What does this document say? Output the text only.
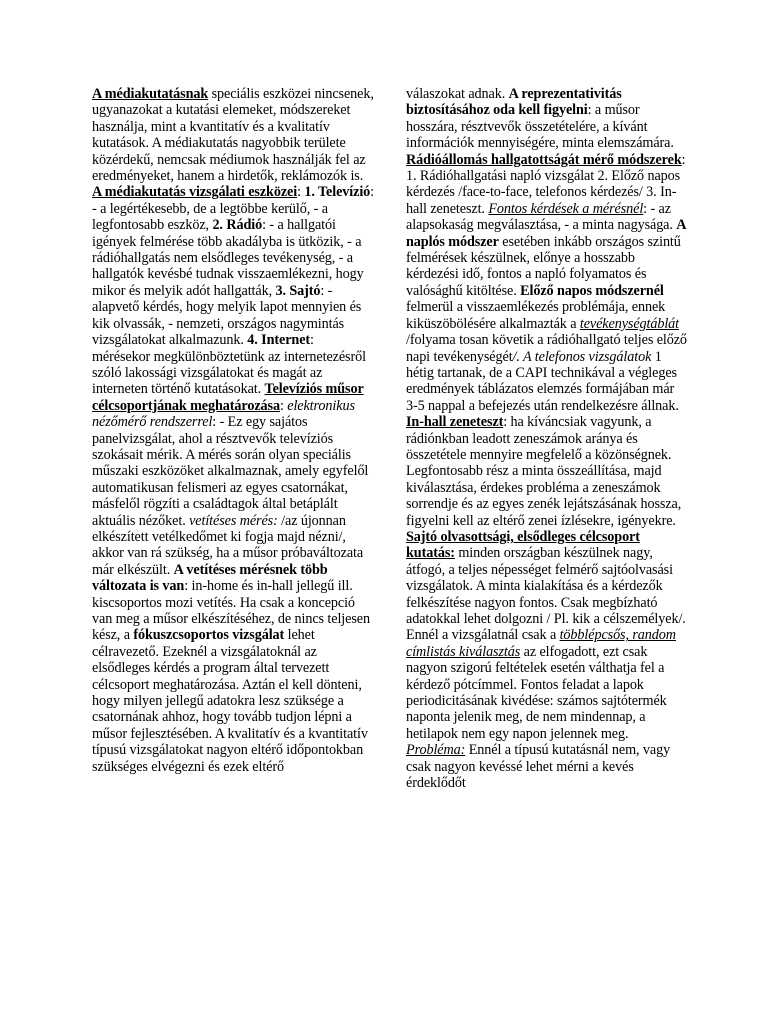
A médiakutatásnak speciális eszközei nincsenek, ugyanazokat a kutatási elemeket, módszereket használja, mint a kvantitatív és a kvalitatív kutatások. A médiakutatás nagyobbik területe közérdekű, nemcsak médiumok használják fel az eredményeket, hanem a hirdetők, reklámozók is. A médiakutatás vizsgálati eszközei: 1. Televízió: - a legértékesebb, de a legtöbbe kerülő, - a legfontosabb eszköz, 2. Rádió: - a hallgatói igények felmérése több akadályba is ütközik, - a rádióhallgatás nem elsődleges tevékenység, - a hallgatók kevésbé tudnak visszaemlékezni, hogy mikor és melyik adót hallgatták, 3. Sajtó: - alapvető kérdés, hogy melyik lapot mennyien és kik olvassák, - nemzeti, országos nagymintás vizsgálatokat alkalmazunk. 4. Internet: mérésekor megkülönböztetünk az internetezésről szóló lakossági vizsgálatokat és magát az interneten történő kutatásokat. Televíziós műsor célcsoportjának meghatározása: elektronikus nézőmérő rendszerrel: - Ez egy sajátos panelvizsgálat, ahol a résztvevők televíziós szokásait mérik. A mérés során olyan speciális műszaki eszközöket alkalmaznak, amely egyfelől automatikusan felismeri az egyes csatornákat, másfelől rögzíti a családtagok által betáplált aktuális nézőket. vetítéses mérés: /az újonnan elkészített vetélkedőmet ki fogja majd nézni/, akkor van rá szükség, ha a műsor próbaváltozata már elkészült. A vetítéses mérésnek több változata is van: in-home és in-hall jellegű ill. kiscsoportos mozi vetítés. Ha csak a koncepció van meg a műsor elkészítéséhez, de nincs teljesen kész, a fókuszcsoportos vizsgálat lehet célravezető. Ezeknél a vizsgálatoknál az elsődleges kérdés a program által tervezett célcsoport meghatározása. Aztán el kell dönteni, hogy milyen jellegű adatokra lesz szüksége a csatornának ahhoz, hogy tovább tudjon lépni a műsor fejlesztésében. A kvalitatív és a kvantitatív típusú vizsgálatokat nagyon eltérő időpontokban szükséges elvégezni és ezek eltérő

válaszokat adnak. A reprezentativitás biztosításához oda kell figyelni: a műsor hosszára, résztvevők összetételére, a kívánt információk mennyiségére, minta elemszámára. Rádióállomás hallgatottságát mérő módszerek: 1. Rádióhallgatási napló vizsgálat 2. Előző napos kérdezés /face-to-face, telefonos kérdezés/ 3. In-hall zeneteszt. Fontos kérdések a mérésnél: - az alapsokaság megválasztása, - a minta nagysága. A naplós módszer esetében inkább országos szintű felmérések készülnek, előnye a hosszabb kérdezési idő, fontos a napló folyamatos és valósághű kitöltése. Előző napos módszernél felmerül a visszaemlékezés problémája, ennek kiküszöbölésére alkalmazták a tevékenységtáblát /folyama tosan követik a rádióhallgató teljes előző napi tevékenységét/. A telefonos vizsgálatok 1 hétig tartanak, de a CAPI technikával a végleges eredmények táblázatos elemzés formájában már 3-5 nappal a befejezés után rendelkezésre állnak. In-hall zeneteszt: ha kíváncsiak vagyunk, a rádiónkban leadott zeneszámok aránya és összetétele mennyire megfelelő a közönségnek. Legfontosabb rész a minta összeállítása, majd kiválasztása, érdekes probléma a zeneszámok sorrendje és az egyes zenék lejátszásának hossza, figyelni kell az eltérő zenei ízlésekre, igényekre. Sajtó olvasottsági, elsődleges célcsoport kutatás: minden országban készülnek nagy, átfogó, a teljes népességet felmérő sajtóolvasási vizsgálatok. A minta kialakítása és a kérdezők felkészítése nagyon fontos. Csak megbízható adatokkal lehet dolgozni / Pl. kik a célszemélyek/. Ennél a vizsgálatnál csak a többlépcsős, random címlistás kiválasztás az elfogadott, ezt csak nagyon szigorú feltételek esetén válthatja fel a kérdező pótcímmel. Fontos feladat a lapok periodicitásának kivédése: számos sajtótermék naponta jelenik meg, de nem mindennap, a hetilapok nem egy napon jelennek meg. Probléma: Ennél a típusú kutatásnál nem, vagy csak nagyon kevéssé lehet mérni a kevés érdeklődőt
